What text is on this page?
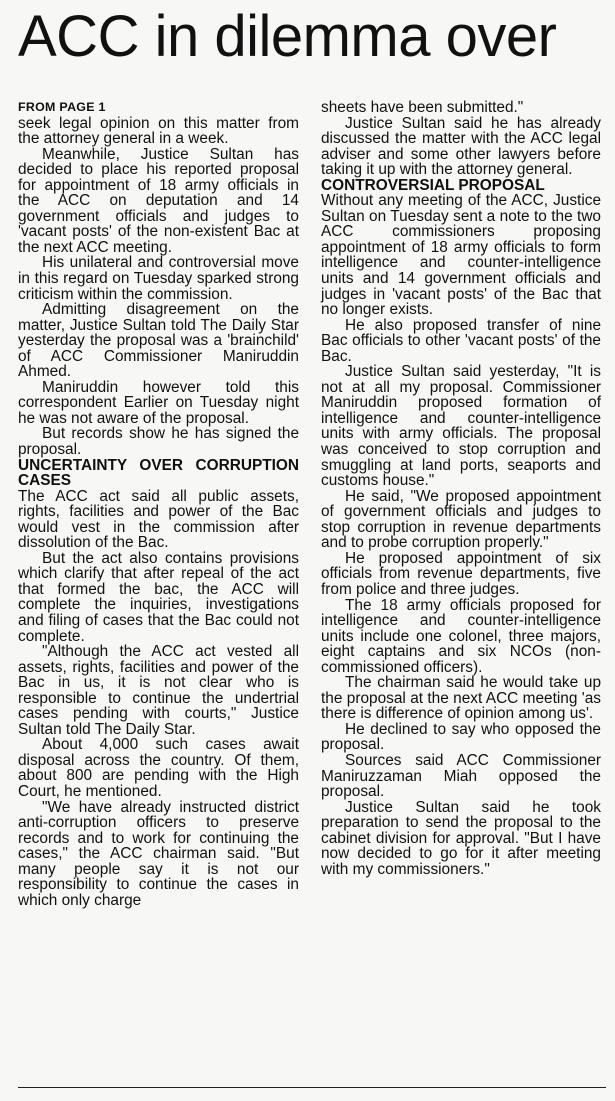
ACC in dilemma over
FROM PAGE 1

seek legal opinion on this matter from the attorney general in a week.

Meanwhile, Justice Sultan has decided to place his reported proposal for appointment of 18 army officials in the ACC on deputation and 14 government officials and judges to 'vacant posts' of the non-existent Bac at the next ACC meeting.

His unilateral and controversial move in this regard on Tuesday sparked strong criticism within the commission.

Admitting disagreement on the matter, Justice Sultan told The Daily Star yesterday the proposal was a 'brainchild' of ACC Commissioner Maniruddin Ahmed.

Maniruddin however told this correspondent Earlier on Tuesday night he was not aware of the proposal.

But records show he has signed the proposal.

UNCERTAINTY OVER CORRUPTION CASES

The ACC act said all public assets, rights, facilities and power of the Bac would vest in the commission after dissolution of the Bac.

But the act also contains provisions which clarify that after repeal of the act that formed the bac, the ACC will complete the inquiries, investigations and filing of cases that the Bac could not complete.

"Although the ACC act vested all assets, rights, facilities and power of the Bac in us, it is not clear who is responsible to continue the undertrial cases pending with courts," Justice Sultan told The Daily Star.

About 4,000 such cases await disposal across the country. Of them, about 800 are pending with the High Court, he mentioned.

"We have already instructed district anti-corruption officers to preserve records and to work for continuing the cases," the ACC chairman said. "But many people say it is not our responsibility to continue the cases in which only charge

sheets have been submitted."

Justice Sultan said he has already discussed the matter with the ACC legal adviser and some other lawyers before taking it up with the attorney general.

CONTROVERSIAL PROPOSAL

Without any meeting of the ACC, Justice Sultan on Tuesday sent a note to the two ACC commissioners proposing appointment of 18 army officials to form intelligence and counter-intelligence units and 14 government officials and judges in 'vacant posts' of the Bac that no longer exists.

He also proposed transfer of nine Bac officials to other 'vacant posts' of the Bac.

Justice Sultan said yesterday, "It is not at all my proposal. Commissioner Maniruddin proposed formation of intelligence and counter-intelligence units with army officials. The proposal was conceived to stop corruption and smuggling at land ports, seaports and customs house."

He said, "We proposed appointment of government officials and judges to stop corruption in revenue departments and to probe corruption properly."

He proposed appointment of six officials from revenue departments, five from police and three judges.

The 18 army officials proposed for intelligence and counter-intelligence units include one colonel, three majors, eight captains and six NCOs (non-commissioned officers).

The chairman said he would take up the proposal at the next ACC meeting 'as there is difference of opinion among us'.

He declined to say who opposed the proposal.

Sources said ACC Commissioner Maniruzzaman Miah opposed the proposal.

Justice Sultan said he took preparation to send the proposal to the cabinet division for approval. "But I have now decided to go for it after meeting with my commissioners."
